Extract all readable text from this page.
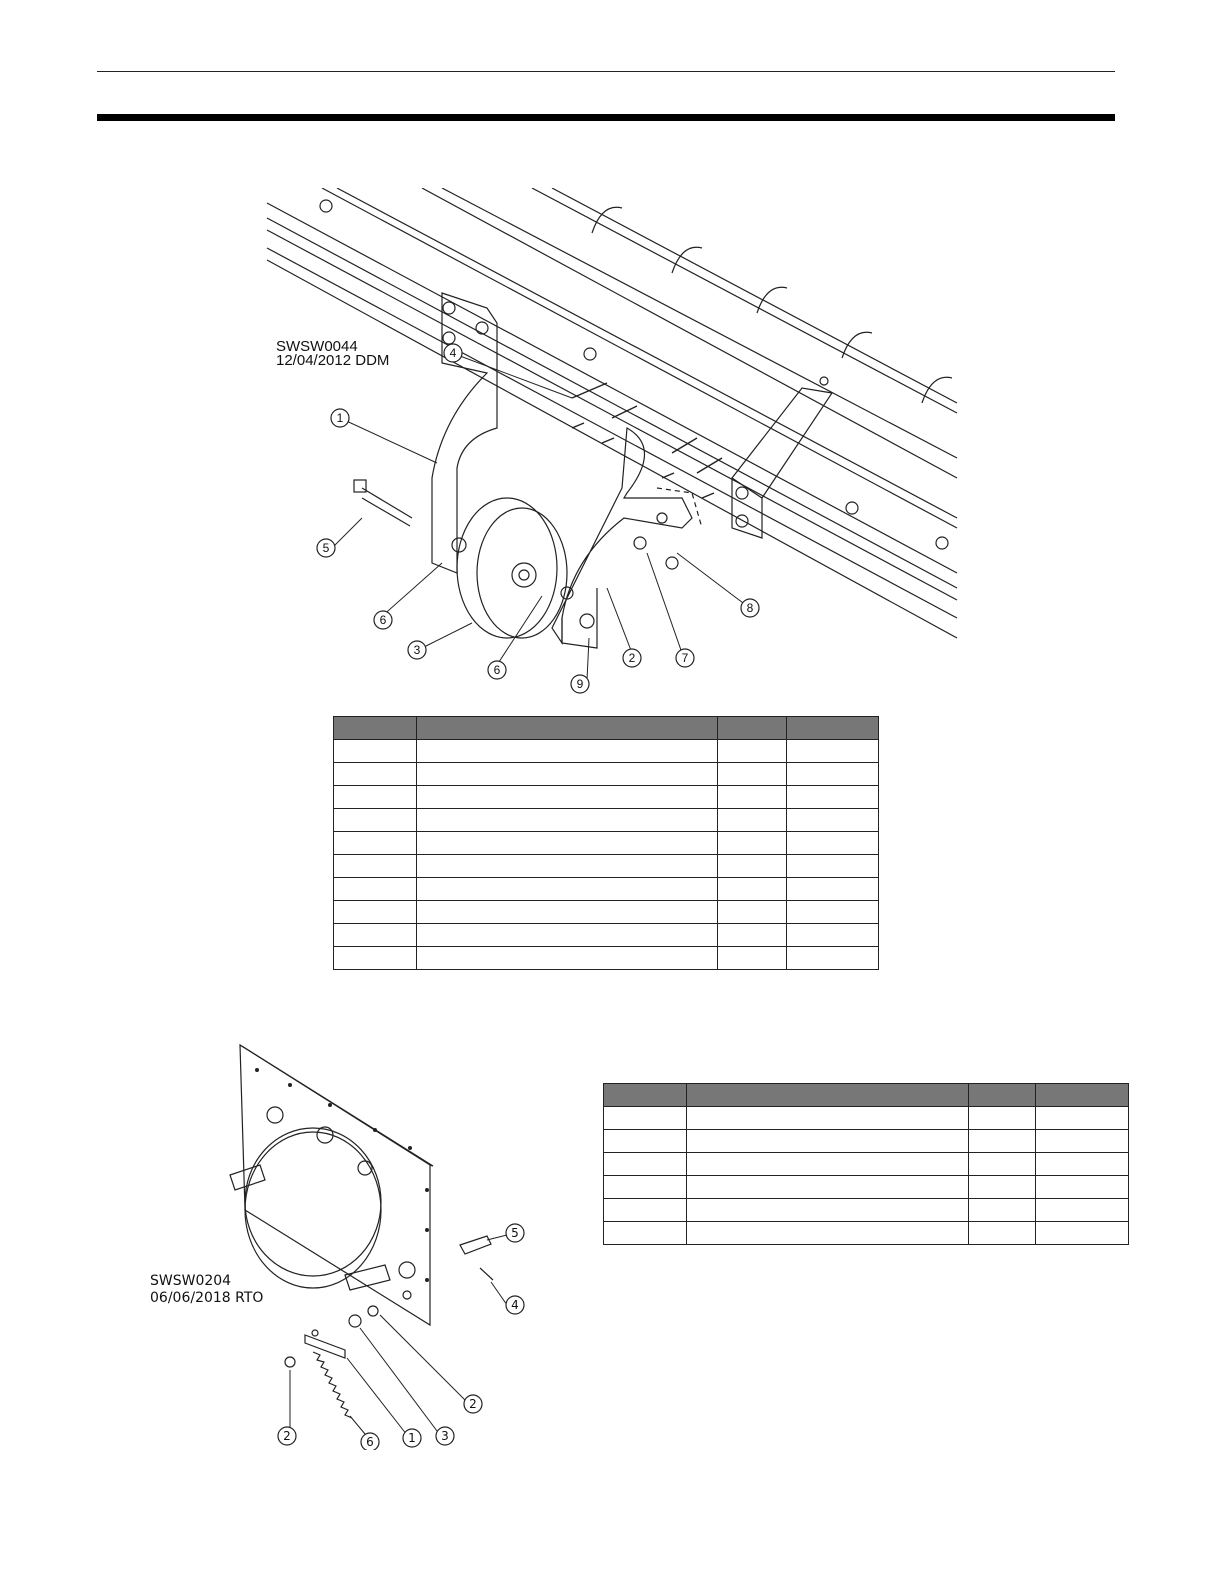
1
4
5
6
3
6
9
2	7
8
SWSW0044
12/04/2012 DDM

5
4
2
3
1
6
2
SWSW0204
06/06/2018 RTO
